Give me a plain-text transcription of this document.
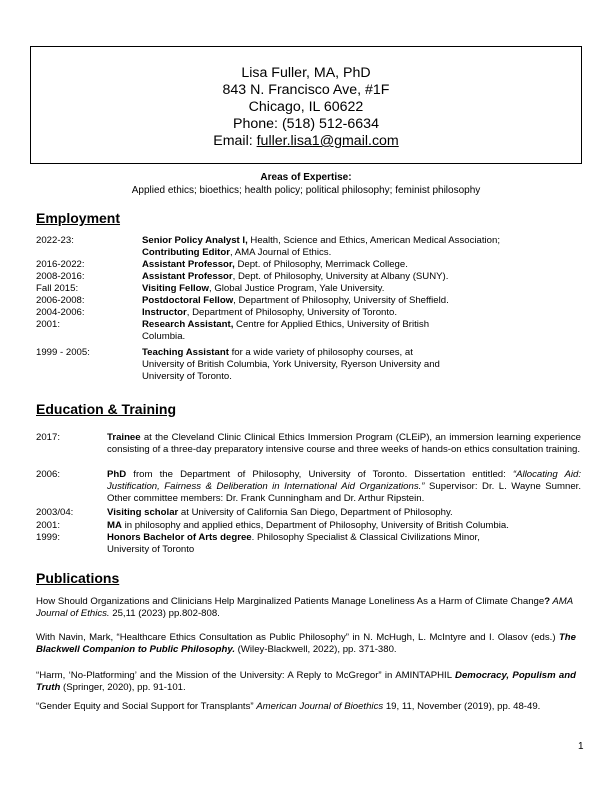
Lisa Fuller, MA, PhD
843 N. Francisco Ave, #1F
Chicago, IL 60622
Phone: (518) 512-6634
Email: fuller.lisa1@gmail.com
Areas of Expertise:
Applied ethics; bioethics; health policy; political philosophy; feminist philosophy
Employment
2022-23:	Senior Policy Analyst I, Health, Science and Ethics, American Medical Association;
Contributing Editor, AMA Journal of Ethics.
2016-2022:	Assistant Professor, Dept. of Philosophy, Merrimack College.
2008-2016:	Assistant Professor, Dept. of Philosophy, University at Albany (SUNY).
Fall 2015:	Visiting Fellow, Global Justice Program, Yale University.
2006-2008:	Postdoctoral Fellow, Department of Philosophy, University of Sheffield.
2004-2006:	Instructor, Department of Philosophy, University of Toronto.
2001:	Research Assistant, Centre for Applied Ethics, University of British
Columbia.
1999 - 2005:	Teaching Assistant for a wide variety of philosophy courses, at
University of British Columbia, York University, Ryerson University and
University of Toronto.
Education & Training
2017:	Trainee at the Cleveland Clinic Clinical Ethics Immersion Program (CLEiP), an immersion learning experience consisting of a three-day preparatory intensive course and three weeks of hands-on ethics consultation training.
2006:	PhD from the Department of Philosophy, University of Toronto. Dissertation entitled: “Allocating Aid: Justification, Fairness & Deliberation in International Aid Organizations.” Supervisor: Dr. L. Wayne Sumner. Other committee members: Dr. Frank Cunningham and Dr. Arthur Ripstein.
2003/04:	Visiting scholar at University of California San Diego, Department of Philosophy.
2001:	MA in philosophy and applied ethics, Department of Philosophy, University of British Columbia.
1999:	Honors Bachelor of Arts degree. Philosophy Specialist & Classical Civilizations Minor,
University of Toronto
Publications
How Should Organizations and Clinicians Help Marginalized Patients Manage Loneliness As a Harm of Climate Change? AMA Journal of Ethics. 25,11 (2023) pp.802-808.
With Navin, Mark, “Healthcare Ethics Consultation as Public Philosophy” in N. McHugh, L. McIntyre and I. Olasov (eds.) The Blackwell Companion to Public Philosophy. (Wiley-Blackwell, 2022), pp. 371-380.
“Harm, ‘No-Platforming’ and the Mission of the University: A Reply to McGregor” in AMINTAPHIL Democracy, Populism and Truth (Springer, 2020), pp. 91-101.
“Gender Equity and Social Support for Transplants” American Journal of Bioethics 19, 11, November (2019), pp. 48-49.
1
